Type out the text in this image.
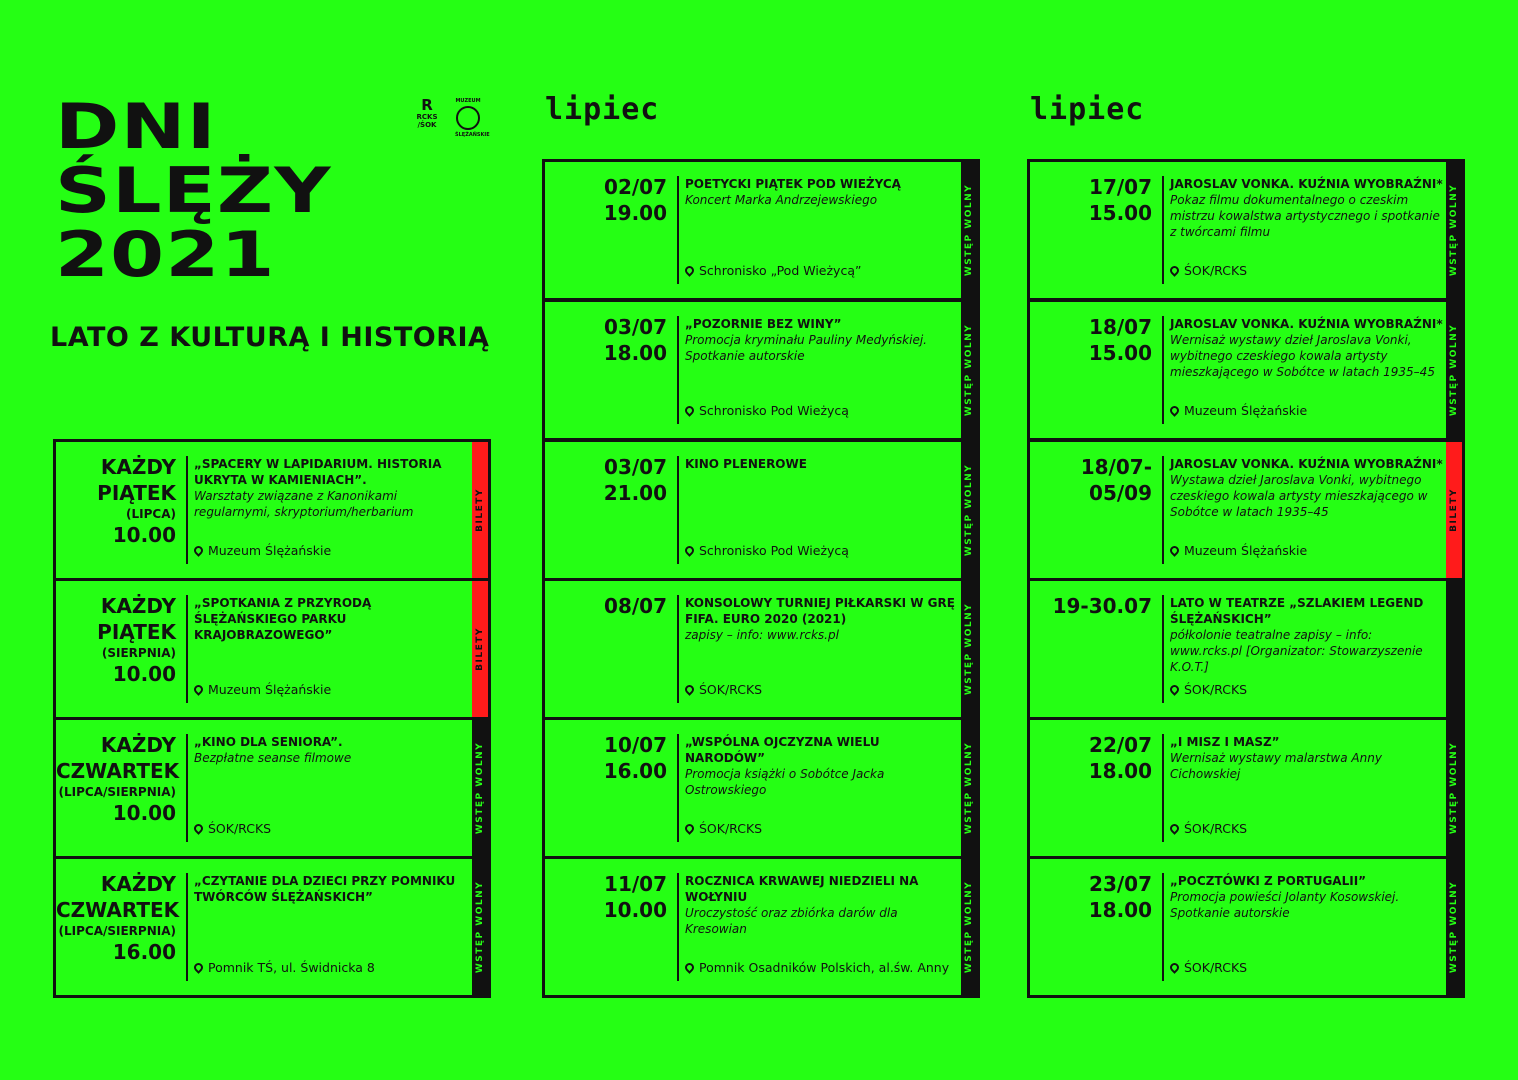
DNI
ŚLĘŻY
2021
LATO Z KULTURĄ I HISTORIĄ
R
RCKS
/ŚOK
MUZEUM
ŚLĘŻAŃSKIE
lipiec	lipiec
KAŻDY
PIĄTEK
(LIPCA)
10.00
„SPACERY W LAPIDARIUM. HISTORIA UKRYTA W KAMIENIACH”.
Warsztaty związane z Kanonikami regularnymi, skryptorium/herbarium
Muzeum Ślężańskie
BILETY
KAŻDY
PIĄTEK
(SIERPNIA)
10.00
„SPOTKANIA Z PRZYRODĄ ŚLĘŻAŃSKIEGO PARKU KRAJOBRAZOWEGO”
Muzeum Ślężańskie
BILETY
KAŻDY
CZWARTEK
(LIPCA/SIERPNIA)
10.00
„KINO DLA SENIORA”.
Bezpłatne seanse filmowe
ŚOK/RCKS	WSTĘP WOLNY
KAŻDY
CZWARTEK
(LIPCA/SIERPNIA)
16.00
„CZYTANIE DLA DZIECI PRZY POMNIKU TWÓRCÓW ŚLĘŻAŃSKICH”
Pomnik TŚ, ul. Świdnicka 8	WSTĘP WOLNY
02/07
19.00
POETYCKI PIĄTEK POD WIEŻYCĄ
Koncert Marka Andrzejewskiego
Schronisko „Pod Wieżycą”	WSTĘP WOLNY
03/07
18.00
„POZORNIE BEZ WINY”
Promocja kryminału Pauliny Medyńskiej. Spotkanie autorskie
Schronisko Pod Wieżycą	WSTĘP WOLNY
03/07
21.00
KINO PLENEROWE
Schronisko Pod Wieżycą	WSTĘP WOLNY
08/07 KONSOLOWY TURNIEJ PIŁKARSKI W GRĘ FIFA. EURO 2020 (2021)
zapisy – info: www.rcks.pl
ŚOK/RCKS	WSTĘP WOLNY
10/07
16.00
„WSPÓLNA OJCZYZNA WIELU NARODÓW”
Promocja książki o Sobótce Jacka Ostrowskiego
ŚOK/RCKS	WSTĘP WOLNY
11/07
10.00
ROCZNICA KRWAWEJ NIEDZIELI NA WOŁYNIU
Uroczystość oraz zbiórka darów dla Kresowian
Pomnik Osadników Polskich, al.św. Anny WSTĘP WOLNY
17/07
15.00
JAROSLAV VONKA. KUŹNIA WYOBRAŹNI*
Pokaz filmu dokumentalnego o czeskim mistrzu kowalstwa artystycznego i spotkanie z twórcami filmu
ŚOK/RCKS	WSTĘP WOLNY
18/07
15.00
JAROSLAV VONKA. KUŹNIA WYOBRAŹNI*
Wernisaż wystawy dzieł Jaroslava Vonki, wybitnego czeskiego kowala artysty mieszkającego w Sobótce w latach 1935–45
Muzeum Ślężańskie	WSTĘP WOLNY
18/07-05/09
JAROSLAV VONKA. KUŹNIA WYOBRAŹNI*
Wystawa dzieł Jaroslava Vonki, wybitnego czeskiego kowala artysty mieszkającego w Sobótce w latach 1935–45
Muzeum Ślężańskie
BILETY
19-30.07 LATO W TEATRZE „SZLAKIEM LEGEND ŚLĘŻAŃSKICH”
półkolonie teatralne zapisy – info: www.rcks.pl [Organizator: Stowarzyszenie K.O.T.]
ŚOK/RCKS
22/07
18.00
„I MISZ I MASZ”
Wernisaż wystawy malarstwa Anny Cichowskiej
ŚOK/RCKS	WSTĘP WOLNY
23/07
18.00
„POCZTÓWKI Z PORTUGALII”
Promocja powieści Jolanty Kosowskiej. Spotkanie autorskie
ŚOK/RCKS	WSTĘP WOLNY
